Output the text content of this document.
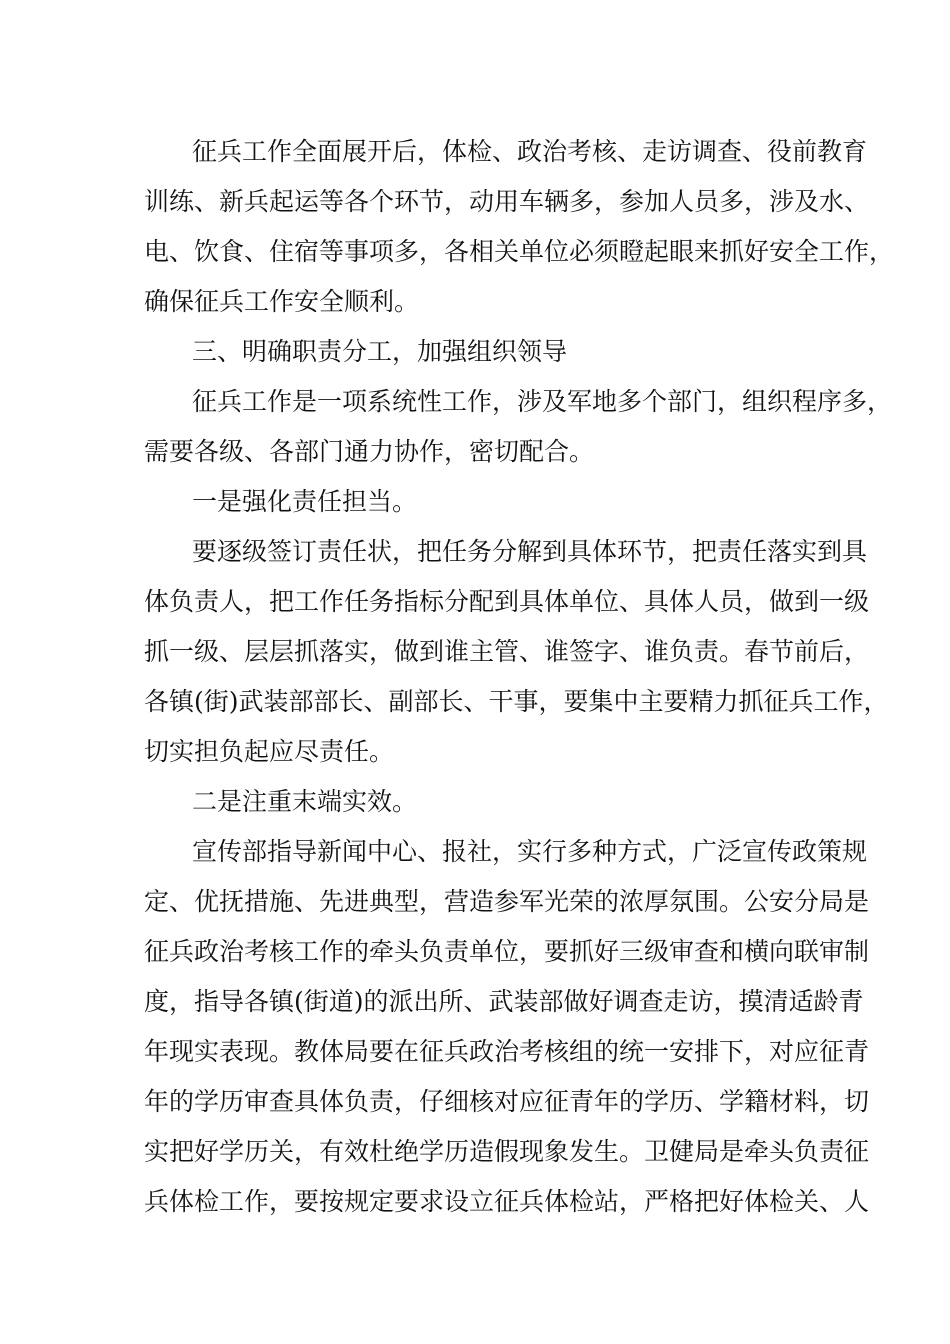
征兵工作全面展开后，体检、政治考核、走访调查、役前教育

训练、新兵起运等各个环节，动用车辆多，参加人员多，涉及水、

电、饮食、住宿等事项多，各相关单位必须瞪起眼来抓好安全工作，

确保征兵工作安全顺利。

三、明确职责分工，加强组织领导

征兵工作是一项系统性工作，涉及军地多个部门，组织程序多，

需要各级、各部门通力协作，密切配合。

一是强化责任担当。

要逐级签订责任状，把任务分解到具体环节，把责任落实到具

体负责人，把工作任务指标分配到具体单位、具体人员，做到一级

抓一级、层层抓落实，做到谁主管、谁签字、谁负责。春节前后，

各镇(街)武装部部长、副部长、干事，要集中主要精力抓征兵工作，

切实担负起应尽责任。

二是注重末端实效。

宣传部指导新闻中心、报社，实行多种方式，广泛宣传政策规

定、优抚措施、先进典型，营造参军光荣的浓厚氛围。公安分局是

征兵政治考核工作的牵头负责单位，要抓好三级审查和横向联审制

度，指导各镇(街道)的派出所、武装部做好调查走访，摸清适龄青

年现实表现。教体局要在征兵政治考核组的统一安排下，对应征青

年的学历审查具体负责，仔细核对应征青年的学历、学籍材料，切

实把好学历关，有效杜绝学历造假现象发生。卫健局是牵头负责征

兵体检工作，要按规定要求设立征兵体检站，严格把好体检关、人
